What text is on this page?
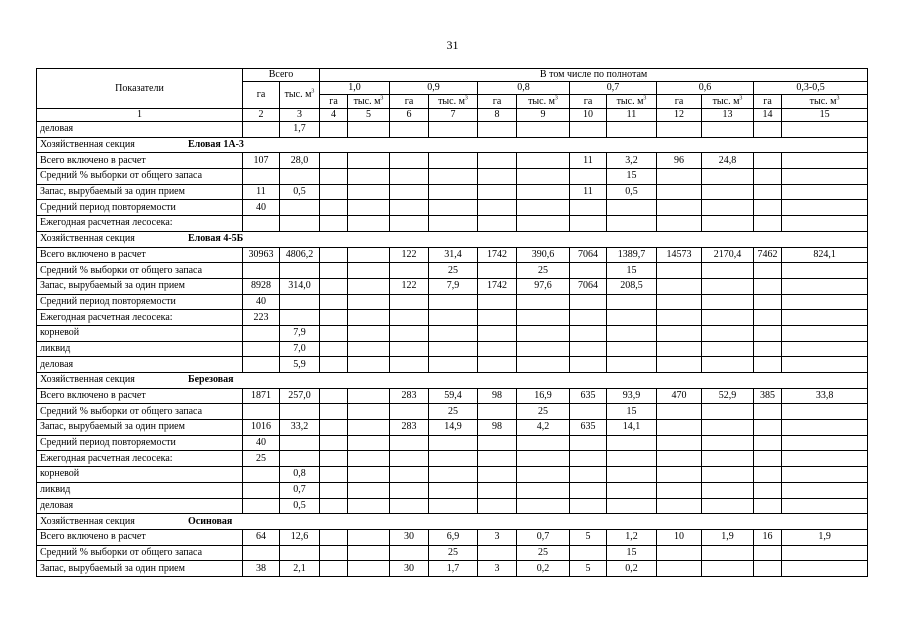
31
Показатели	Всего		В том числе по полнотам											
	га	тыс. $м^3$	1,0		0,9		0,8		0,7		0,6		0,3-0,5	
			га	тыс. $м^3$	га	тыс. $м^3$	га	тыс. $м^3$	га	тыс. $м^3$	га	тыс. $м^3$	га	тыс. $м^3$
1	2	3	4	5	6	7	8	9	10	11	12	13	14	15
деловая		1,7												
Хозяйственная секция Еловая 1А-3														
Всего включено в расчет	107	28,0							11	3,2	96	24,8		
Средний % выборки от общего запаса										15				
Запас, вырубаемый за один прием	11	0,5							11	0,5				
Средний период повторяемости	40													
Ежегодная расчетная лесосека:														
Хозяйственная секция Еловая 4-5Б														
Всего включено в расчет	30963	4806,2			122	31,4	1742	390,6	7064	1389,7	14573	2170,4	7462	824,1
Средний % выборки от общего запаса						25		25		15				
Запас, вырубаемый за один прием	8928	314,0			122	7,9	1742	97,6	7064	208,5				
Средний период повторяемости	40													
Ежегодная расчетная лесосека:	223													
корневой		7,9												
ликвид		7,0												
деловая		5,9												
Хозяйственная секция Березовая														
Всего включено в расчет	1871	257,0			283	59,4	98	16,9	635	93,9	470	52,9	385	33,8
Средний % выборки от общего запаса						25		25		15				
Запас, вырубаемый за один прием	1016	33,2			283	14,9	98	4,2	635	14,1				
Средний период повторяемости	40													
Ежегодная расчетная лесосека:	25													
корневой		0,8												
ликвид		0,7												
деловая		0,5												
Хозяйственная секция Осиновая														
Всего включено в расчет	64	12,6			30	6,9	3	0,7	5	1,2	10	1,9	16	1,9
Средний % выборки от общего запаса						25		25		15				
Запас, вырубаемый за один прием	38	2,1			30	1,7	3	0,2	5	0,2				
